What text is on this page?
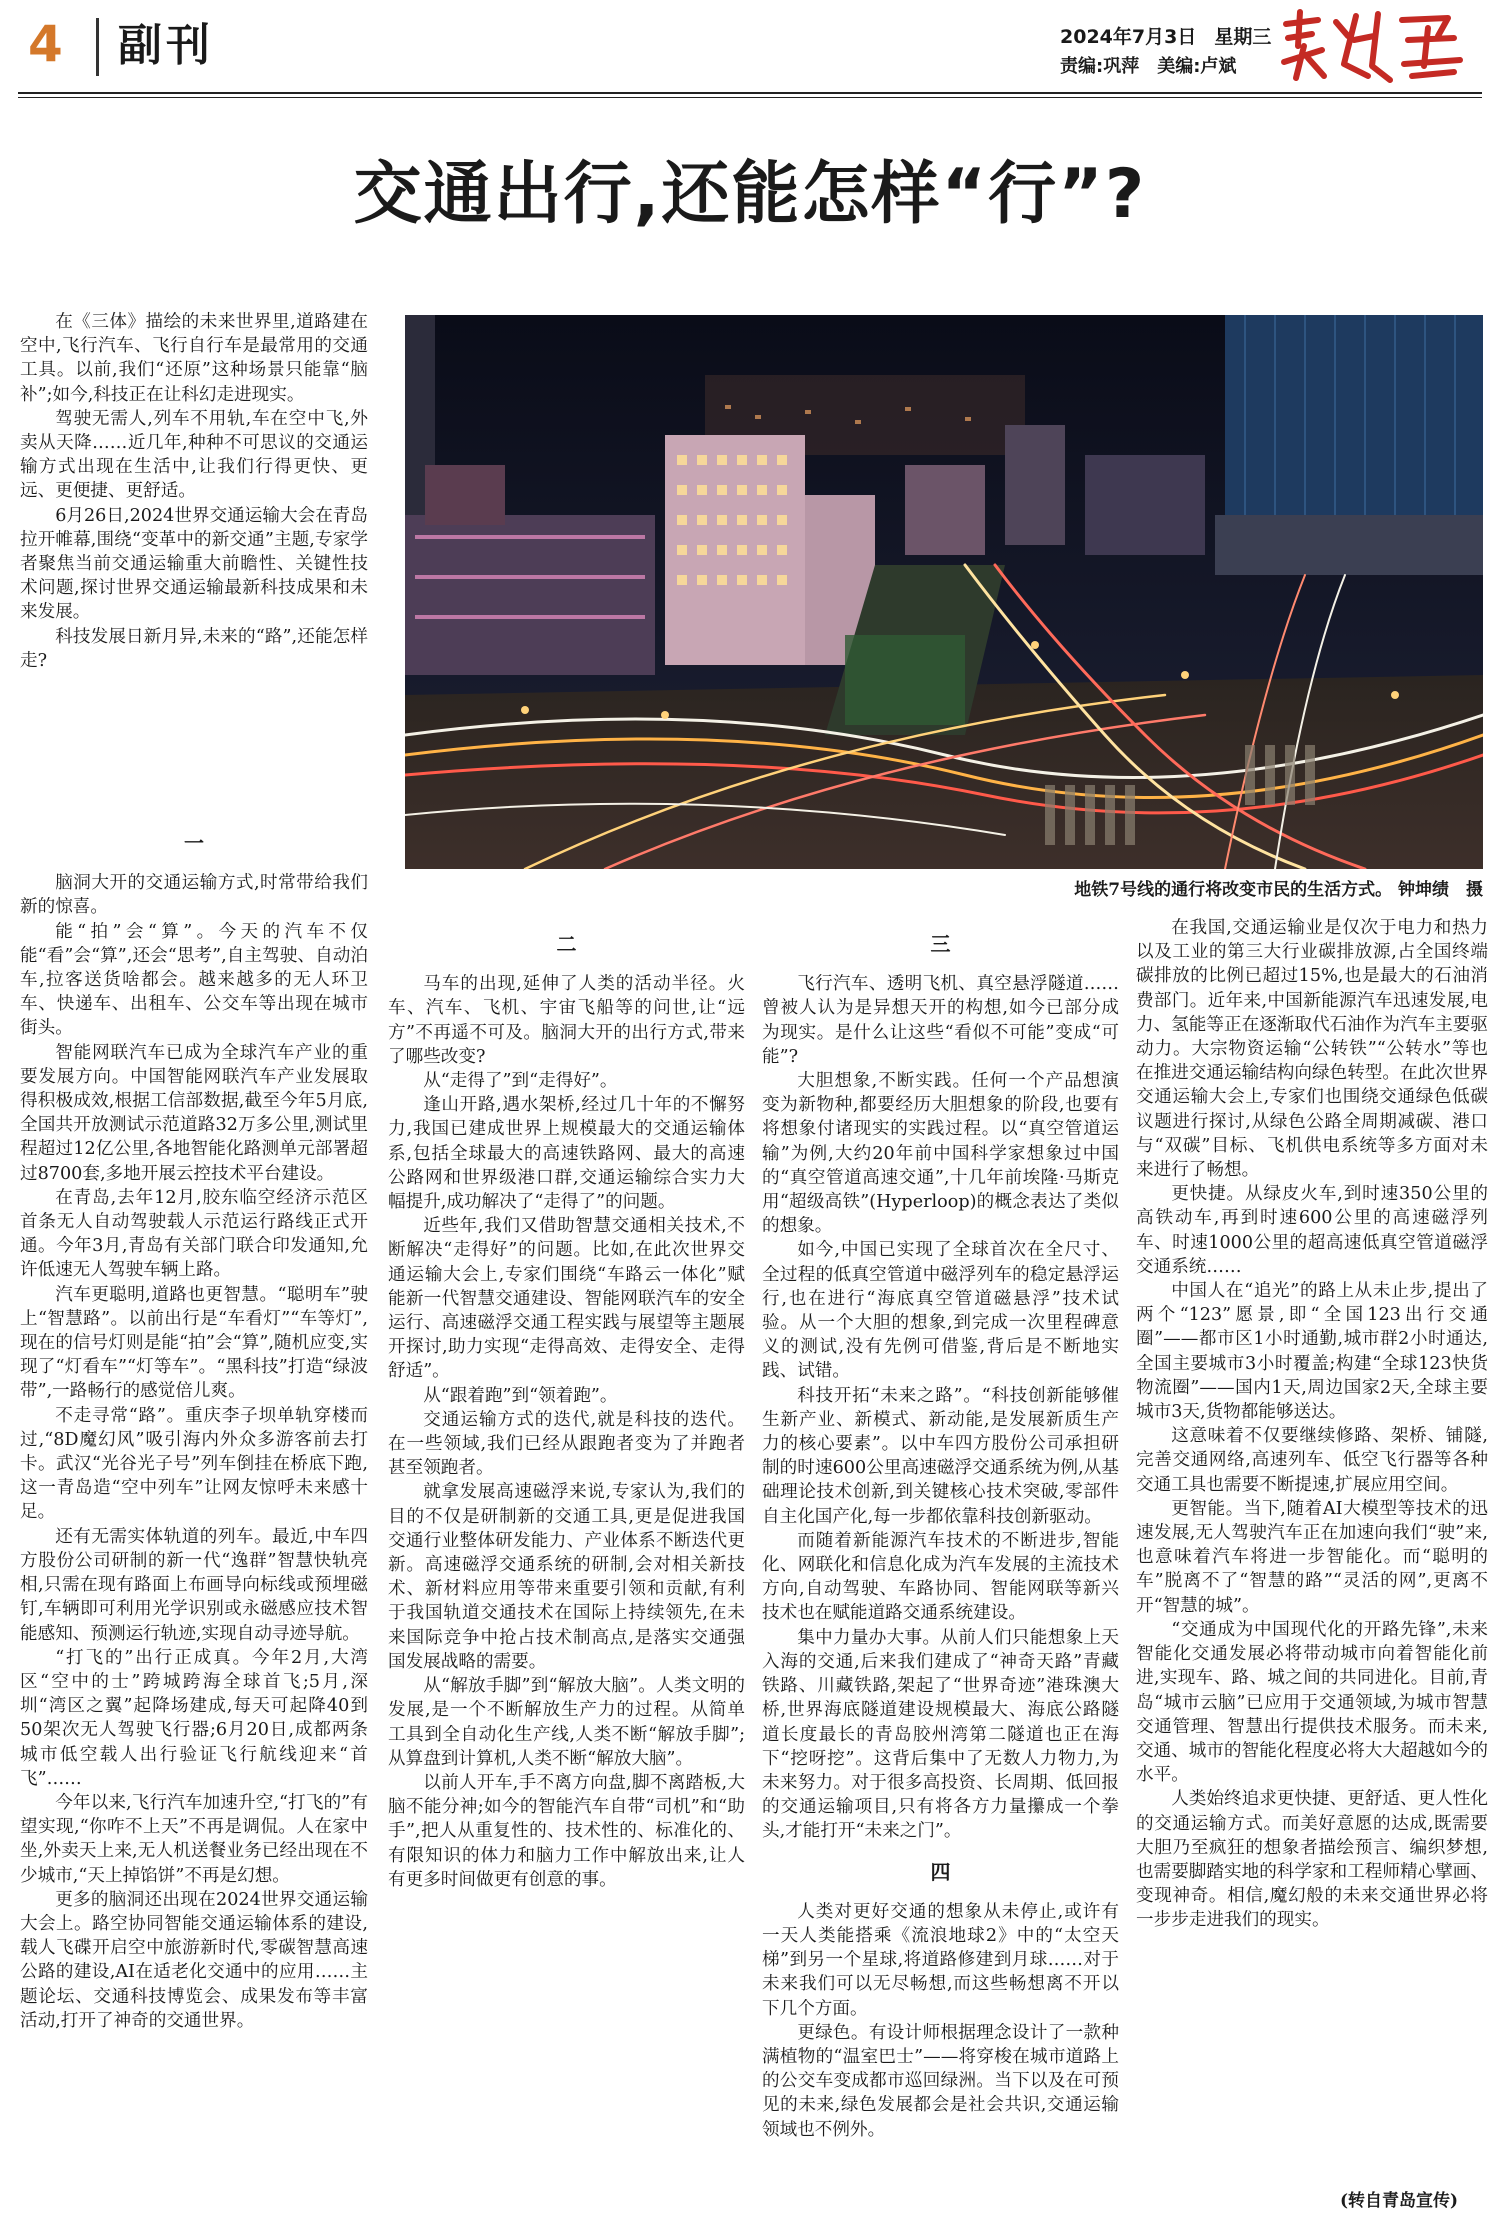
4 副刊	2024年7月3日 星期三
责编:巩萍 美编:卢斌
交通出行,还能怎样“行”?
地铁7号线的通行将改变市民的生活方式。 钟坤绩　摄

在《三体》描绘的未来世界里,道路建在空中,飞行汽车、飞行自行车是最常用的交通工具。以前,我们“还原”这种场景只能靠“脑补”;如今,科技正在让科幻走进现实。

驾驶无需人,列车不用轨,车在空中飞,外卖从天降……近几年,种种不可思议的交通运输方式出现在生活中,让我们行得更快、更远、更便捷、更舒适。

6月26日,2024世界交通运输大会在青岛拉开帷幕,围绕“变革中的新交通”主题,专家学者聚焦当前交通运输重大前瞻性、关键性技术问题,探讨世界交通运输最新科技成果和未来发展。

科技发展日新月异,未来的“路”,还能怎样走?

一

脑洞大开的交通运输方式,时常带给我们新的惊喜。

能“拍”会“算”。今天的汽车不仅能“看”会“算”,还会“思考”,自主驾驶、自动泊车,拉客送货啥都会。越来越多的无人环卫车、快递车、出租车、公交车等出现在城市街头。

智能网联汽车已成为全球汽车产业的重要发展方向。中国智能网联汽车产业发展取得积极成效,根据工信部数据,截至今年5月底,全国共开放测试示范道路32万多公里,测试里程超过12亿公里,各地智能化路测单元部署超过8700套,多地开展云控技术平台建设。

在青岛,去年12月,胶东临空经济示范区首条无人自动驾驶载人示范运行路线正式开通。今年3月,青岛有关部门联合印发通知,允许低速无人驾驶车辆上路。

汽车更聪明,道路也更智慧。“聪明车”驶上“智慧路”。以前出行是“车看灯”“车等灯”,现在的信号灯则是能“拍”会“算”,随机应变,实现了“灯看车”“灯等车”。“黑科技”打造“绿波带”,一路畅行的感觉倍儿爽。

不走寻常“路”。重庆李子坝单轨穿楼而过,“8D魔幻风”吸引海内外众多游客前去打卡。武汉“光谷光子号”列车倒挂在桥底下跑,这一青岛造“空中列车”让网友惊呼未来感十足。

还有无需实体轨道的列车。最近,中车四方股份公司研制的新一代“逸群”智慧快轨亮相,只需在现有路面上布画导向标线或预埋磁钉,车辆即可利用光学识别或永磁感应技术智能感知、预测运行轨迹,实现自动寻迹导航。

“打飞的”出行正成真。今年2月,大湾区“空中的士”跨城跨海全球首飞;5月,深圳“湾区之翼”起降场建成,每天可起降40到50架次无人驾驶飞行器;6月20日,成都两条城市低空载人出行验证飞行航线迎来“首飞”……

今年以来,飞行汽车加速升空,“打飞的”有望实现,“你咋不上天”不再是调侃。人在家中坐,外卖天上来,无人机送餐业务已经出现在不少城市,“天上掉馅饼”不再是幻想。

更多的脑洞还出现在2024世界交通运输大会上。路空协同智能交通运输体系的建设,载人飞碟开启空中旅游新时代,零碳智慧高速公路的建设,AI在适老化交通中的应用……主题论坛、交通科技博览会、成果发布等丰富活动,打开了神奇的交通世界。

二

马车的出现,延伸了人类的活动半径。火车、汽车、飞机、宇宙飞船等的问世,让“远方”不再遥不可及。脑洞大开的出行方式,带来了哪些改变?

从“走得了”到“走得好”。

逢山开路,遇水架桥,经过几十年的不懈努力,我国已建成世界上规模最大的交通运输体系,包括全球最大的高速铁路网、最大的高速公路网和世界级港口群,交通运输综合实力大幅提升,成功解决了“走得了”的问题。

近些年,我们又借助智慧交通相关技术,不断解决“走得好”的问题。比如,在此次世界交通运输大会上,专家们围绕“车路云一体化”赋能新一代智慧交通建设、智能网联汽车的安全运行、高速磁浮交通工程实践与展望等主题展开探讨,助力实现“走得高效、走得安全、走得舒适”。

从“跟着跑”到“领着跑”。

交通运输方式的迭代,就是科技的迭代。在一些领域,我们已经从跟跑者变为了并跑者甚至领跑者。

就拿发展高速磁浮来说,专家认为,我们的目的不仅是研制新的交通工具,更是促进我国交通行业整体研发能力、产业体系不断迭代更新。高速磁浮交通系统的研制,会对相关新技术、新材料应用等带来重要引领和贡献,有利于我国轨道交通技术在国际上持续领先,在未来国际竞争中抢占技术制高点,是落实交通强国发展战略的需要。

从“解放手脚”到“解放大脑”。人类文明的发展,是一个不断解放生产力的过程。从简单工具到全自动化生产线,人类不断“解放手脚”;从算盘到计算机,人类不断“解放大脑”。

以前人开车,手不离方向盘,脚不离踏板,大脑不能分神;如今的智能汽车自带“司机”和“助手”,把人从重复性的、技术性的、标准化的、有限知识的体力和脑力工作中解放出来,让人有更多时间做更有创意的事。

三

飞行汽车、透明飞机、真空悬浮隧道……曾被人认为是异想天开的构想,如今已部分成为现实。是什么让这些“看似不可能”变成“可能”?

大胆想象,不断实践。任何一个产品想演变为新物种,都要经历大胆想象的阶段,也要有将想象付诸现实的实践过程。以“真空管道运输”为例,大约20年前中国科学家想象过中国的“真空管道高速交通”,十几年前埃隆·马斯克用“超级高铁”(Hyperloop)的概念表达了类似的想象。

如今,中国已实现了全球首次在全尺寸、全过程的低真空管道中磁浮列车的稳定悬浮运行,也在进行“海底真空管道磁悬浮”技术试验。从一个大胆的想象,到完成一次里程碑意义的测试,没有先例可借鉴,背后是不断地实践、试错。

科技开拓“未来之路”。“科技创新能够催生新产业、新模式、新动能,是发展新质生产力的核心要素”。以中车四方股份公司承担研制的时速600公里高速磁浮交通系统为例,从基础理论技术创新,到关键核心技术突破,零部件自主化国产化,每一步都依靠科技创新驱动。

而随着新能源汽车技术的不断进步,智能化、网联化和信息化成为汽车发展的主流技术方向,自动驾驶、车路协同、智能网联等新兴技术也在赋能道路交通系统建设。

集中力量办大事。从前人们只能想象上天入海的交通,后来我们建成了“神奇天路”青藏铁路、川藏铁路,架起了“世界奇迹”港珠澳大桥,世界海底隧道建设规模最大、海底公路隧道长度最长的青岛胶州湾第二隧道也正在海下“挖呀挖”。这背后集中了无数人力物力,为未来努力。对于很多高投资、长周期、低回报的交通运输项目,只有将各方力量攥成一个拳头,才能打开“未来之门”。

四

人类对更好交通的想象从未停止,或许有一天人类能搭乘《流浪地球2》中的“太空天梯”到另一个星球,将道路修建到月球……对于未来我们可以无尽畅想,而这些畅想离不开以下几个方面。

更绿色。有设计师根据理念设计了一款种满植物的“温室巴士”——将穿梭在城市道路上的公交车变成都市巡回绿洲。当下以及在可预见的未来,绿色发展都会是社会共识,交通运输领域也不例外。

在我国,交通运输业是仅次于电力和热力以及工业的第三大行业碳排放源,占全国终端碳排放的比例已超过15%,也是最大的石油消费部门。近年来,中国新能源汽车迅速发展,电力、氢能等正在逐渐取代石油作为汽车主要驱动力。大宗物资运输“公转铁”“公转水”等也在推进交通运输结构向绿色转型。在此次世界交通运输大会上,专家们也围绕交通绿色低碳议题进行探讨,从绿色公路全周期减碳、港口与“双碳”目标、飞机供电系统等多方面对未来进行了畅想。

更快捷。从绿皮火车,到时速350公里的高铁动车,再到时速600公里的高速磁浮列车、时速1000公里的超高速低真空管道磁浮交通系统……

中国人在“追光”的路上从未止步,提出了两个“123”愿景,即“全国123出行交通圈”——都市区1小时通勤,城市群2小时通达,全国主要城市3小时覆盖;构建“全球123快货物流圈”——国内1天,周边国家2天,全球主要城市3天,货物都能够送达。

这意味着不仅要继续修路、架桥、铺隧,完善交通网络,高速列车、低空飞行器等各种交通工具也需要不断提速,扩展应用空间。

更智能。当下,随着AI大模型等技术的迅速发展,无人驾驶汽车正在加速向我们“驶”来,也意味着汽车将进一步智能化。而“聪明的车”脱离不了“智慧的路”“灵活的网”,更离不开“智慧的城”。

“交通成为中国现代化的开路先锋”,未来智能化交通发展必将带动城市向着智能化前进,实现车、路、城之间的共同进化。目前,青岛“城市云脑”已应用于交通领域,为城市智慧交通管理、智慧出行提供技术服务。而未来,交通、城市的智能化程度必将大大超越如今的水平。

人类始终追求更快捷、更舒适、更人性化的交通运输方式。而美好意愿的达成,既需要大胆乃至疯狂的想象者描绘预言、编织梦想,也需要脚踏实地的科学家和工程师精心擘画、变现神奇。相信,魔幻般的未来交通世界必将一步步走进我们的现实。

(转自青岛宣传)
